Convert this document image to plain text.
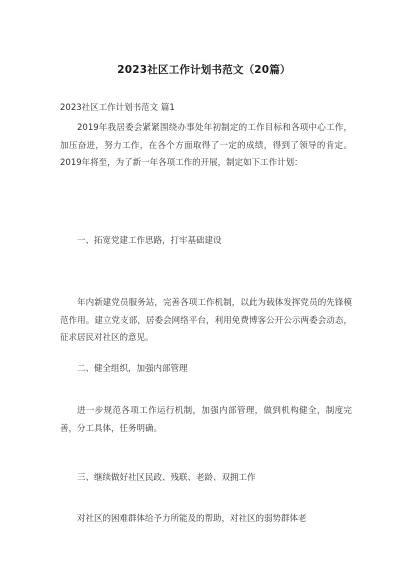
2023社区工作计划书范文（20篇）
2023社区工作计划书范文 篇1
2019年我居委会紧紧围绕办事处年初制定的工作目标和各项中心工作，加压奋进，努力工作，在各个方面取得了一定的成绩，得到了领导的肯定。2019年将至，为了新一年各项工作的开展，制定如下工作计划：
一、拓宽党建工作思路，打牢基础建设
年内新建党员服务站，完善各项工作机制，以此为载体发挥党员的先锋模范作用。建立党支部，居委会网络平台，利用免费博客公开公示两委会动态，征求居民对社区的意见。
二、健全组织，加强内部管理
进一步规范各项工作运行机制，加强内部管理，做到机构健全，制度完善，分工具体，任务明确。
三、继续做好社区民政、残联、老龄、双拥工作
对社区的困难群体给予力所能及的帮助，对社区的弱势群体老
